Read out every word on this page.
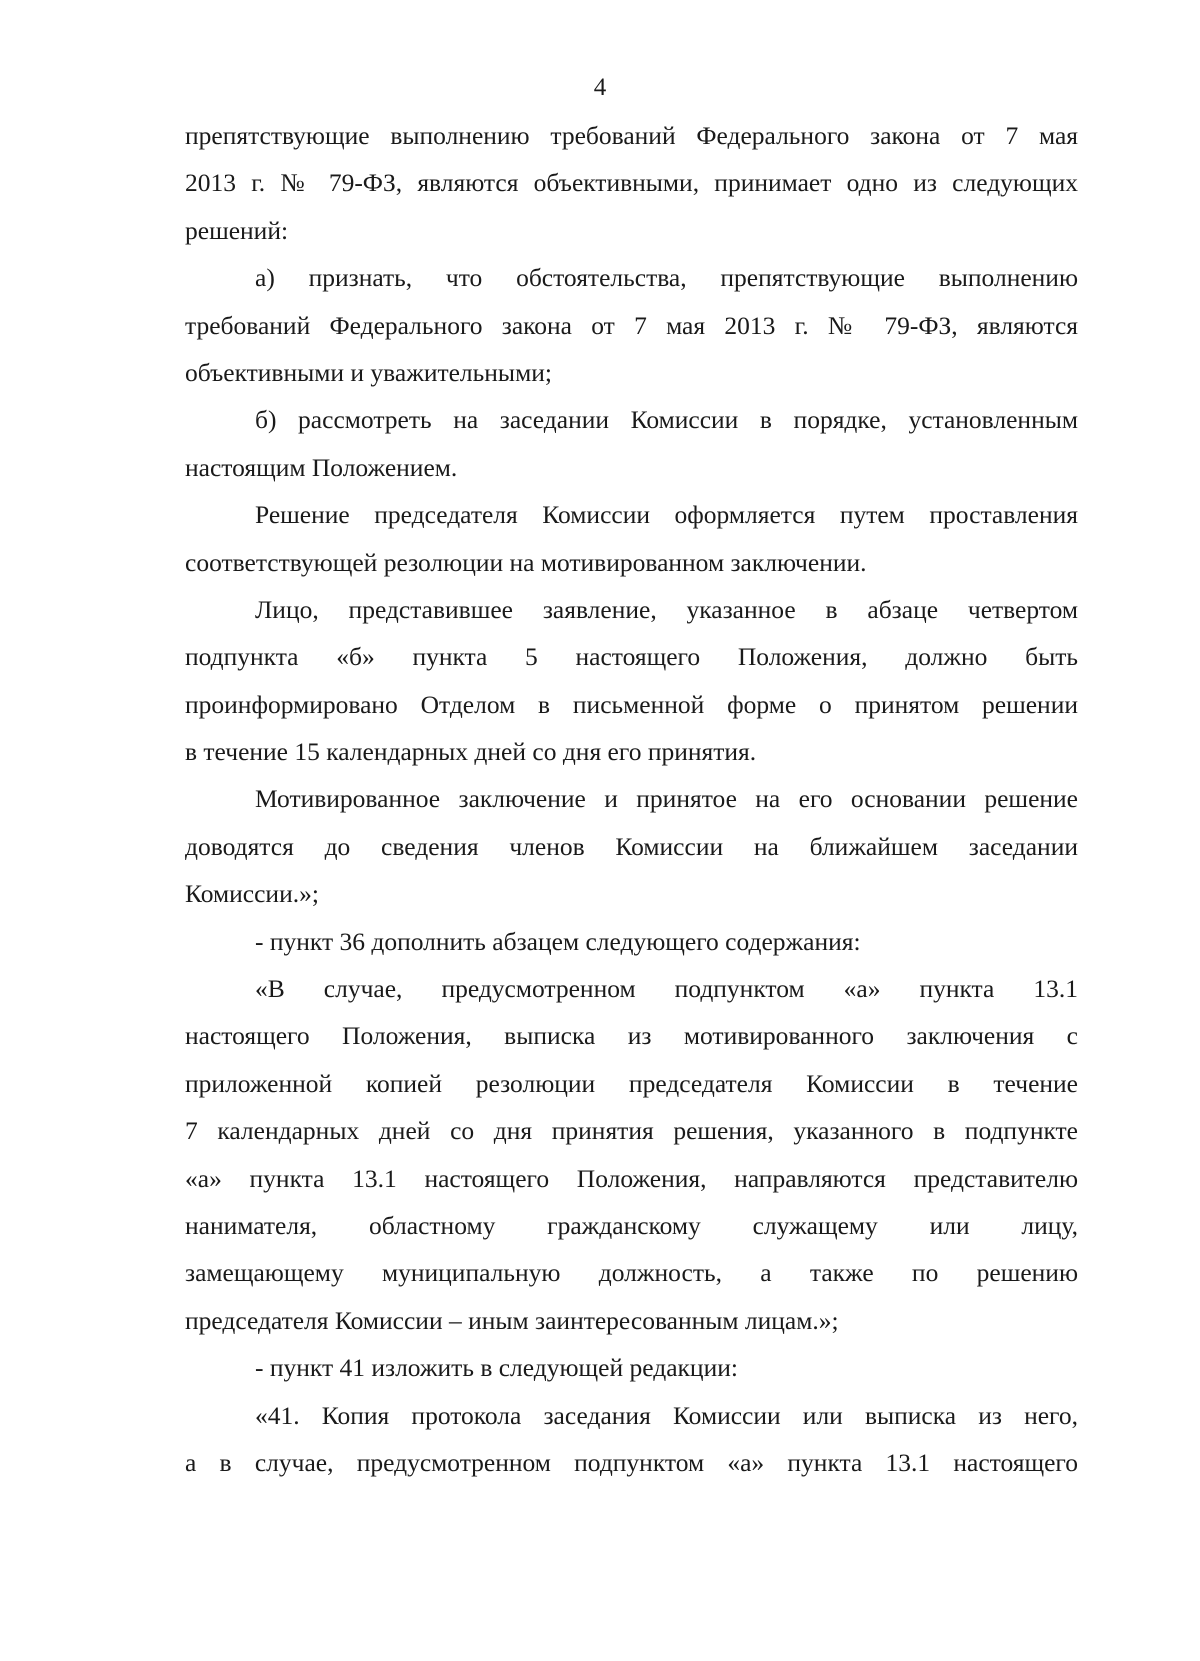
4
препятствующие выполнению требований Федерального закона от 7 мая
2013 г. № 79-ФЗ, являются объективными, принимает одно из следующих
решений:
а) признать, что обстоятельства, препятствующие выполнению
требований Федерального закона от 7 мая 2013 г. № 79-ФЗ, являются
объективными и уважительными;
б) рассмотреть на заседании Комиссии в порядке, установленным
настоящим Положением.
Решение председателя Комиссии оформляется путем проставления
соответствующей резолюции на мотивированном заключении.
Лицо, представившее заявление, указанное в абзаце четвертом
подпункта «б» пункта 5 настоящего Положения, должно быть
проинформировано Отделом в письменной форме о принятом решении
в течение 15 календарных дней со дня его принятия.
Мотивированное заключение и принятое на его основании решение
доводятся до сведения членов Комиссии на ближайшем заседании
Комиссии.»;
- пункт 36 дополнить абзацем следующего содержания:
«В случае, предусмотренном подпунктом «а» пункта 13.1
настоящего Положения, выписка из мотивированного заключения с
приложенной копией резолюции председателя Комиссии в течение
7 календарных дней со дня принятия решения, указанного в подпункте
«а» пункта 13.1 настоящего Положения, направляются представителю
нанимателя, областному гражданскому служащему или лицу,
замещающему муниципальную должность, а также по решению
председателя Комиссии – иным заинтересованным лицам.»;
- пункт 41 изложить в следующей редакции:
«41. Копия протокола заседания Комиссии или выписка из него,
а в случае, предусмотренном подпунктом «а» пункта 13.1 настоящего
